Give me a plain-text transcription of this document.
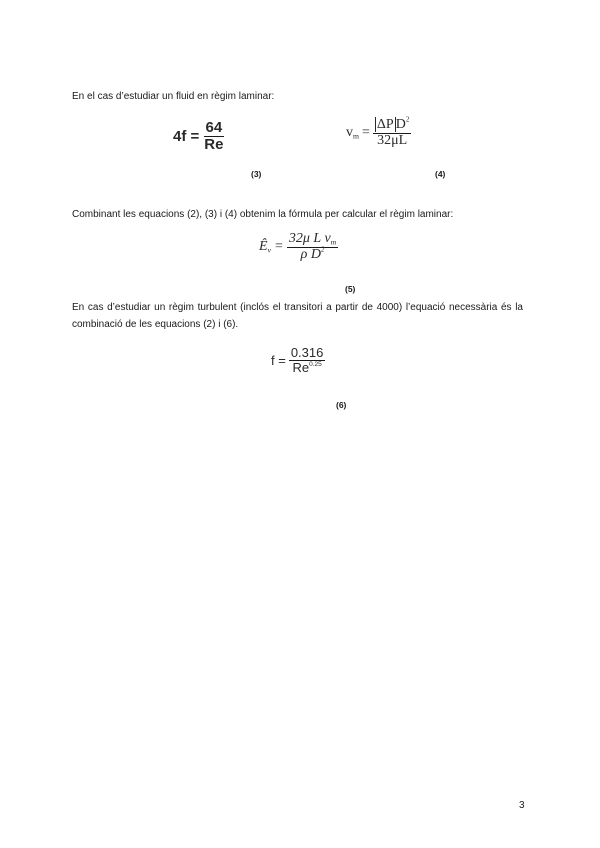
En el cas d’estudiar un fluid en règim laminar:
$4f = \frac{64}{Re}$
(3)
$v_m = \frac{\Delta P D^2}{32\mu L}$
(4)
Combinant les equacions (2), (3) i (4) obtenim la fórmula per calcular el règim laminar:
$Ê_v = \frac{32\mu L v_m}{\rho D^2}$
(5)
En cas d’estudiar un règim turbulent (inclós el transitori a partir de 4000) l’equació necessària és la combinació de les equacions (2) i (6).
$f = \frac{0.316}{Re^{0.25}}$
(6)
3
